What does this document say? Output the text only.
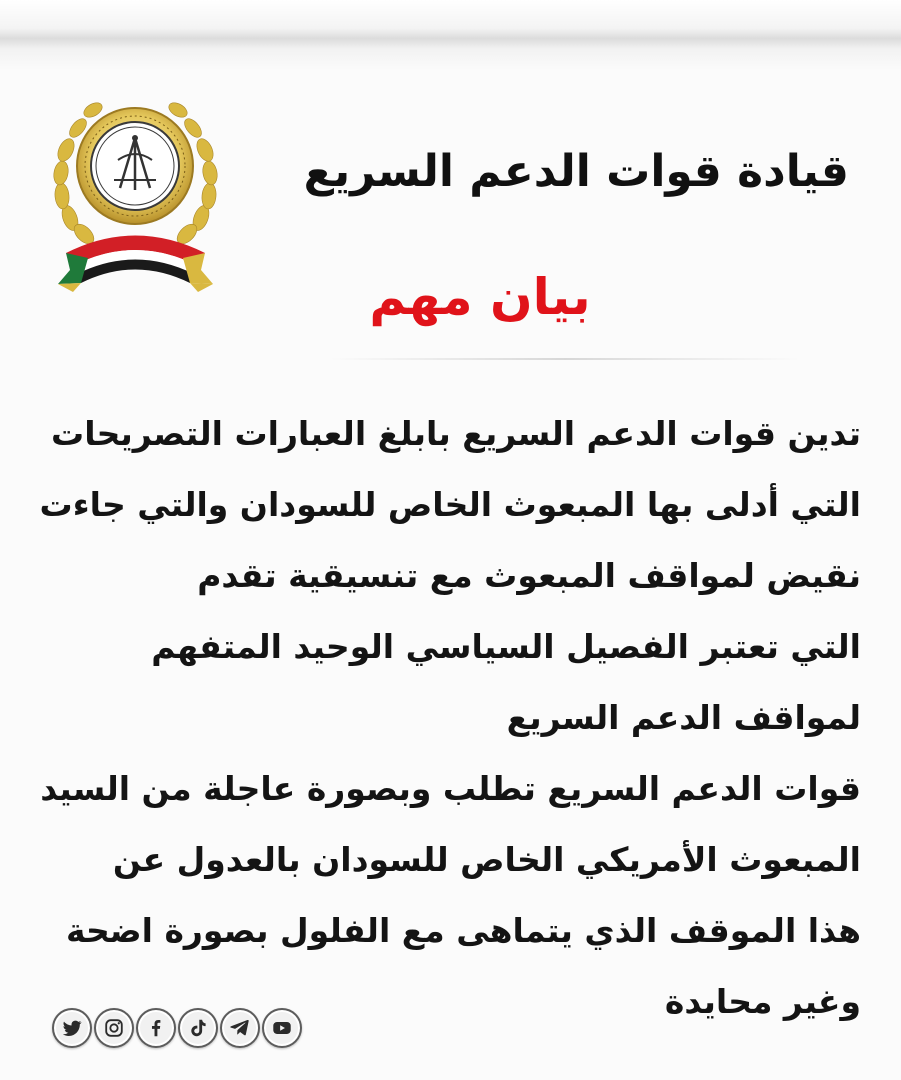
قيادة قوات الدعم السريع
بيان مهم
تدين قوات الدعم السريع بابلغ العبارات التصريحات
التي أدلى بها المبعوث الخاص للسودان والتي جاءت
نقيض لمواقف المبعوث مع تنسيقية تقدم
التي تعتبر الفصيل السياسي الوحيد المتفهم
لمواقف الدعم السريع
قوات الدعم السريع تطلب وبصورة عاجلة من السيد
المبعوث الأمريكي الخاص للسودان بالعدول عن
هذا الموقف الذي يتماهى مع الفلول بصورة اضحة
وغير محايدة
